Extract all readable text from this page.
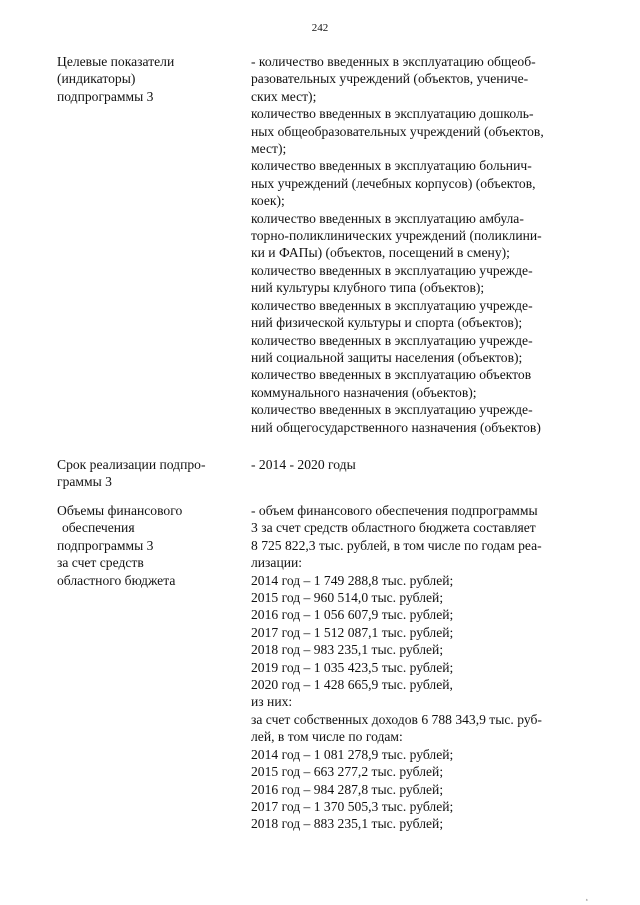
242
Целевые показатели
(индикаторы)
подпрограммы 3
- количество введенных в эксплуатацию общеоб-
разовательных учреждений (объектов, учениче-
ских мест);
количество введенных в эксплуатацию дошколь-
ных общеобразовательных учреждений (объектов,
мест);
количество введенных в эксплуатацию больнич-
ных учреждений (лечебных корпусов) (объектов,
коек);
количество введенных в эксплуатацию амбула-
торно-поликлинических учреждений (поликлини-
ки и ФАПы) (объектов, посещений в смену);
количество введенных в эксплуатацию учрежде-
ний культуры клубного типа (объектов);
количество введенных в эксплуатацию учрежде-
ний физической культуры и спорта (объектов);
количество введенных в эксплуатацию учрежде-
ний социальной защиты населения (объектов);
количество введенных в эксплуатацию объектов
коммунального назначения (объектов);
количество введенных в эксплуатацию учрежде-
ний общегосударственного назначения (объектов)
Срок реализации подпро-
граммы 3
- 2014 - 2020 годы
Объемы финансового
обеспечения
подпрограммы 3
за счет средств
областного бюджета
- объем финансового обеспечения подпрограммы
3 за счет средств областного бюджета составляет
8 725 822,3 тыс. рублей, в том числе по годам реа-
лизации:
2014 год – 1 749 288,8 тыс. рублей;
2015 год – 960 514,0 тыс. рублей;
2016 год – 1 056 607,9 тыс. рублей;
2017 год – 1 512 087,1 тыс. рублей;
2018 год – 983 235,1 тыс. рублей;
2019 год – 1 035 423,5 тыс. рублей;
2020 год – 1 428 665,9 тыс. рублей,
из них:
за счет собственных доходов 6 788 343,9 тыс. руб-
лей, в том числе по годам:
2014 год – 1 081 278,9 тыс. рублей;
2015 год – 663 277,2 тыс. рублей;
2016 год – 984 287,8 тыс. рублей;
2017 год – 1 370 505,3 тыс. рублей;
2018 год – 883 235,1 тыс. рублей;
¸
